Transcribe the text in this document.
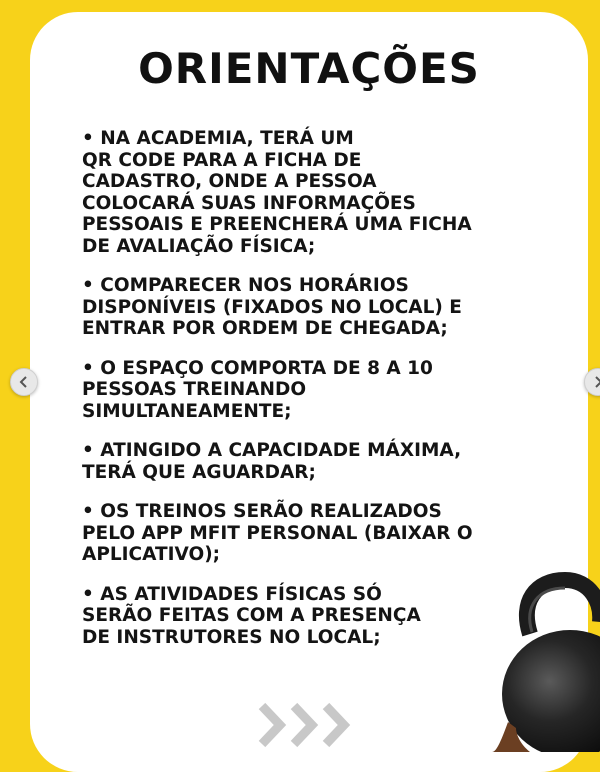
ORIENTAÇÕES
• NA ACADEMIA, TERÁ UM
QR CODE PARA A FICHA DE
CADASTRO, ONDE A PESSOA
COLOCARÁ SUAS INFORMAÇÕES
PESSOAIS E PREENCHERÁ UMA FICHA
DE AVALIAÇÃO FÍSICA;
• COMPARECER NOS HORÁRIOS
DISPONÍVEIS (FIXADOS NO LOCAL) E
ENTRAR POR ORDEM DE CHEGADA;
• O ESPAÇO COMPORTA DE 8 A 10
PESSOAS TREINANDO
SIMULTANEAMENTE;
• ATINGIDO A CAPACIDADE MÁXIMA,
TERÁ QUE AGUARDAR;
• OS TREINOS SERÃO REALIZADOS
PELO APP MFIT PERSONAL (BAIXAR O
APLICATIVO);
• AS ATIVIDADES FÍSICAS SÓ
SERÃO FEITAS COM A PRESENÇA
DE INSTRUTORES NO LOCAL;
